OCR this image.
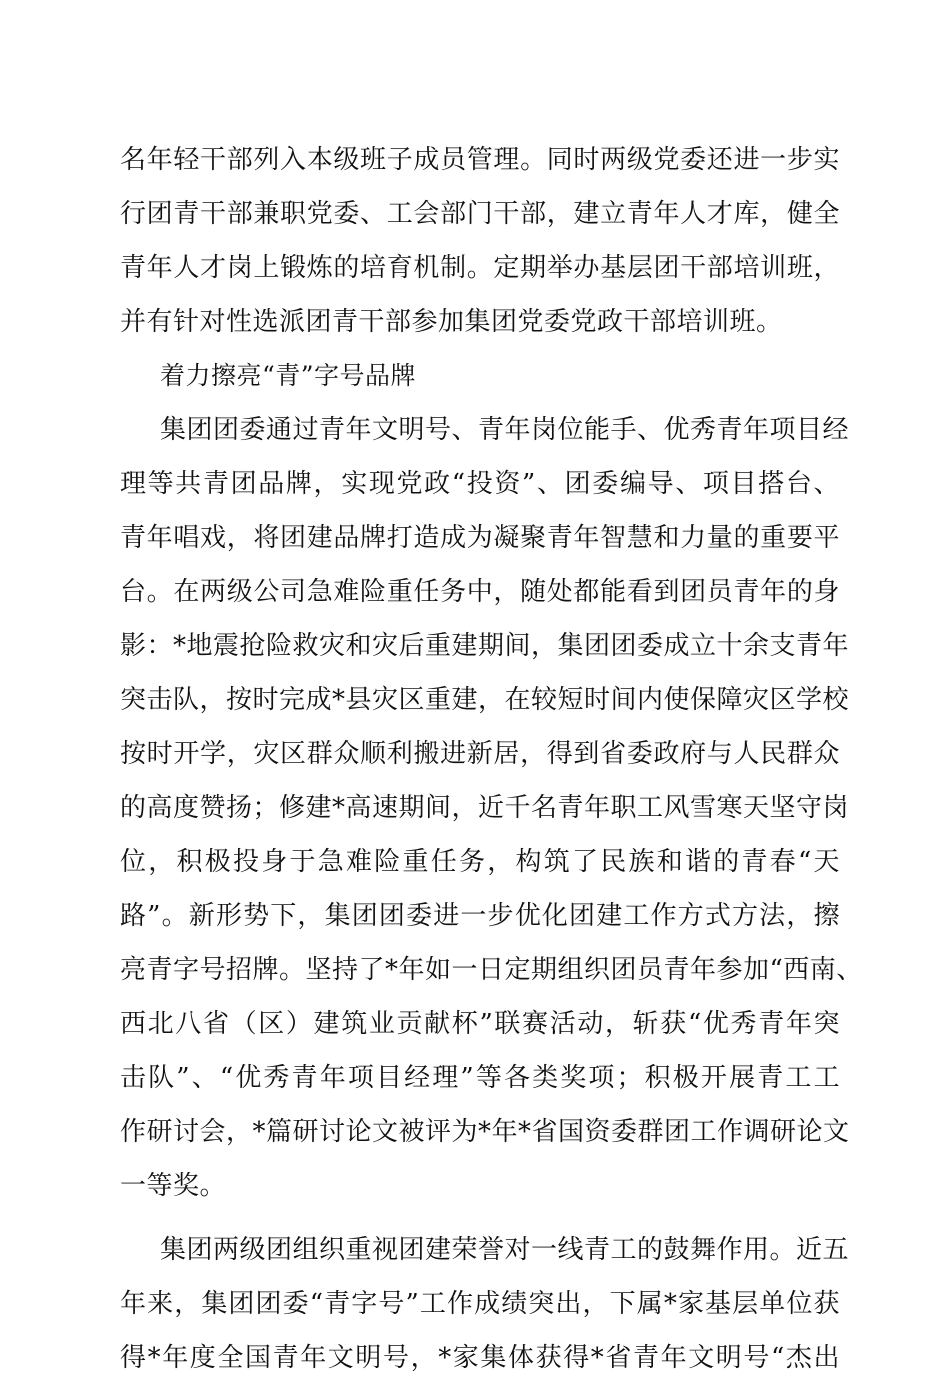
名年轻干部列入本级班子成员管理。同时两级党委还进一步实
行团青干部兼职党委、工会部门干部，建立青年人才库，健全
青年人才岗上锻炼的培育机制。定期举办基层团干部培训班，
并有针对性选派团青干部参加集团党委党政干部培训班。
着力擦亮“青”字号品牌
集团团委通过青年文明号、青年岗位能手、优秀青年项目经
理等共青团品牌，实现党政“投资”、团委编导、项目搭台、
青年唱戏，将团建品牌打造成为凝聚青年智慧和力量的重要平
台。在两级公司急难险重任务中，随处都能看到团员青年的身
影：*地震抢险救灾和灾后重建期间，集团团委成立十余支青年
突击队，按时完成*县灾区重建，在较短时间内使保障灾区学校
按时开学，灾区群众顺利搬进新居，得到省委政府与人民群众
的高度赞扬；修建*高速期间，近千名青年职工风雪寒天坚守岗
位，积极投身于急难险重任务，构筑了民族和谐的青春“天
路”。新形势下，集团团委进一步优化团建工作方式方法，擦
亮青字号招牌。坚持了*年如一日定期组织团员青年参加“西南、
西北八省（区）建筑业贡献杯”联赛活动，斩获“优秀青年突
击队”、“优秀青年项目经理”等各类奖项；积极开展青工工
作研讨会，*篇研讨论文被评为*年*省国资委群团工作调研论文
一等奖。
集团两级团组织重视团建荣誉对一线青工的鼓舞作用。近五
年来，集团团委“青字号”工作成绩突出，下属*家基层单位获
得*年度全国青年文明号，*家集体获得*省青年文明号“杰出
